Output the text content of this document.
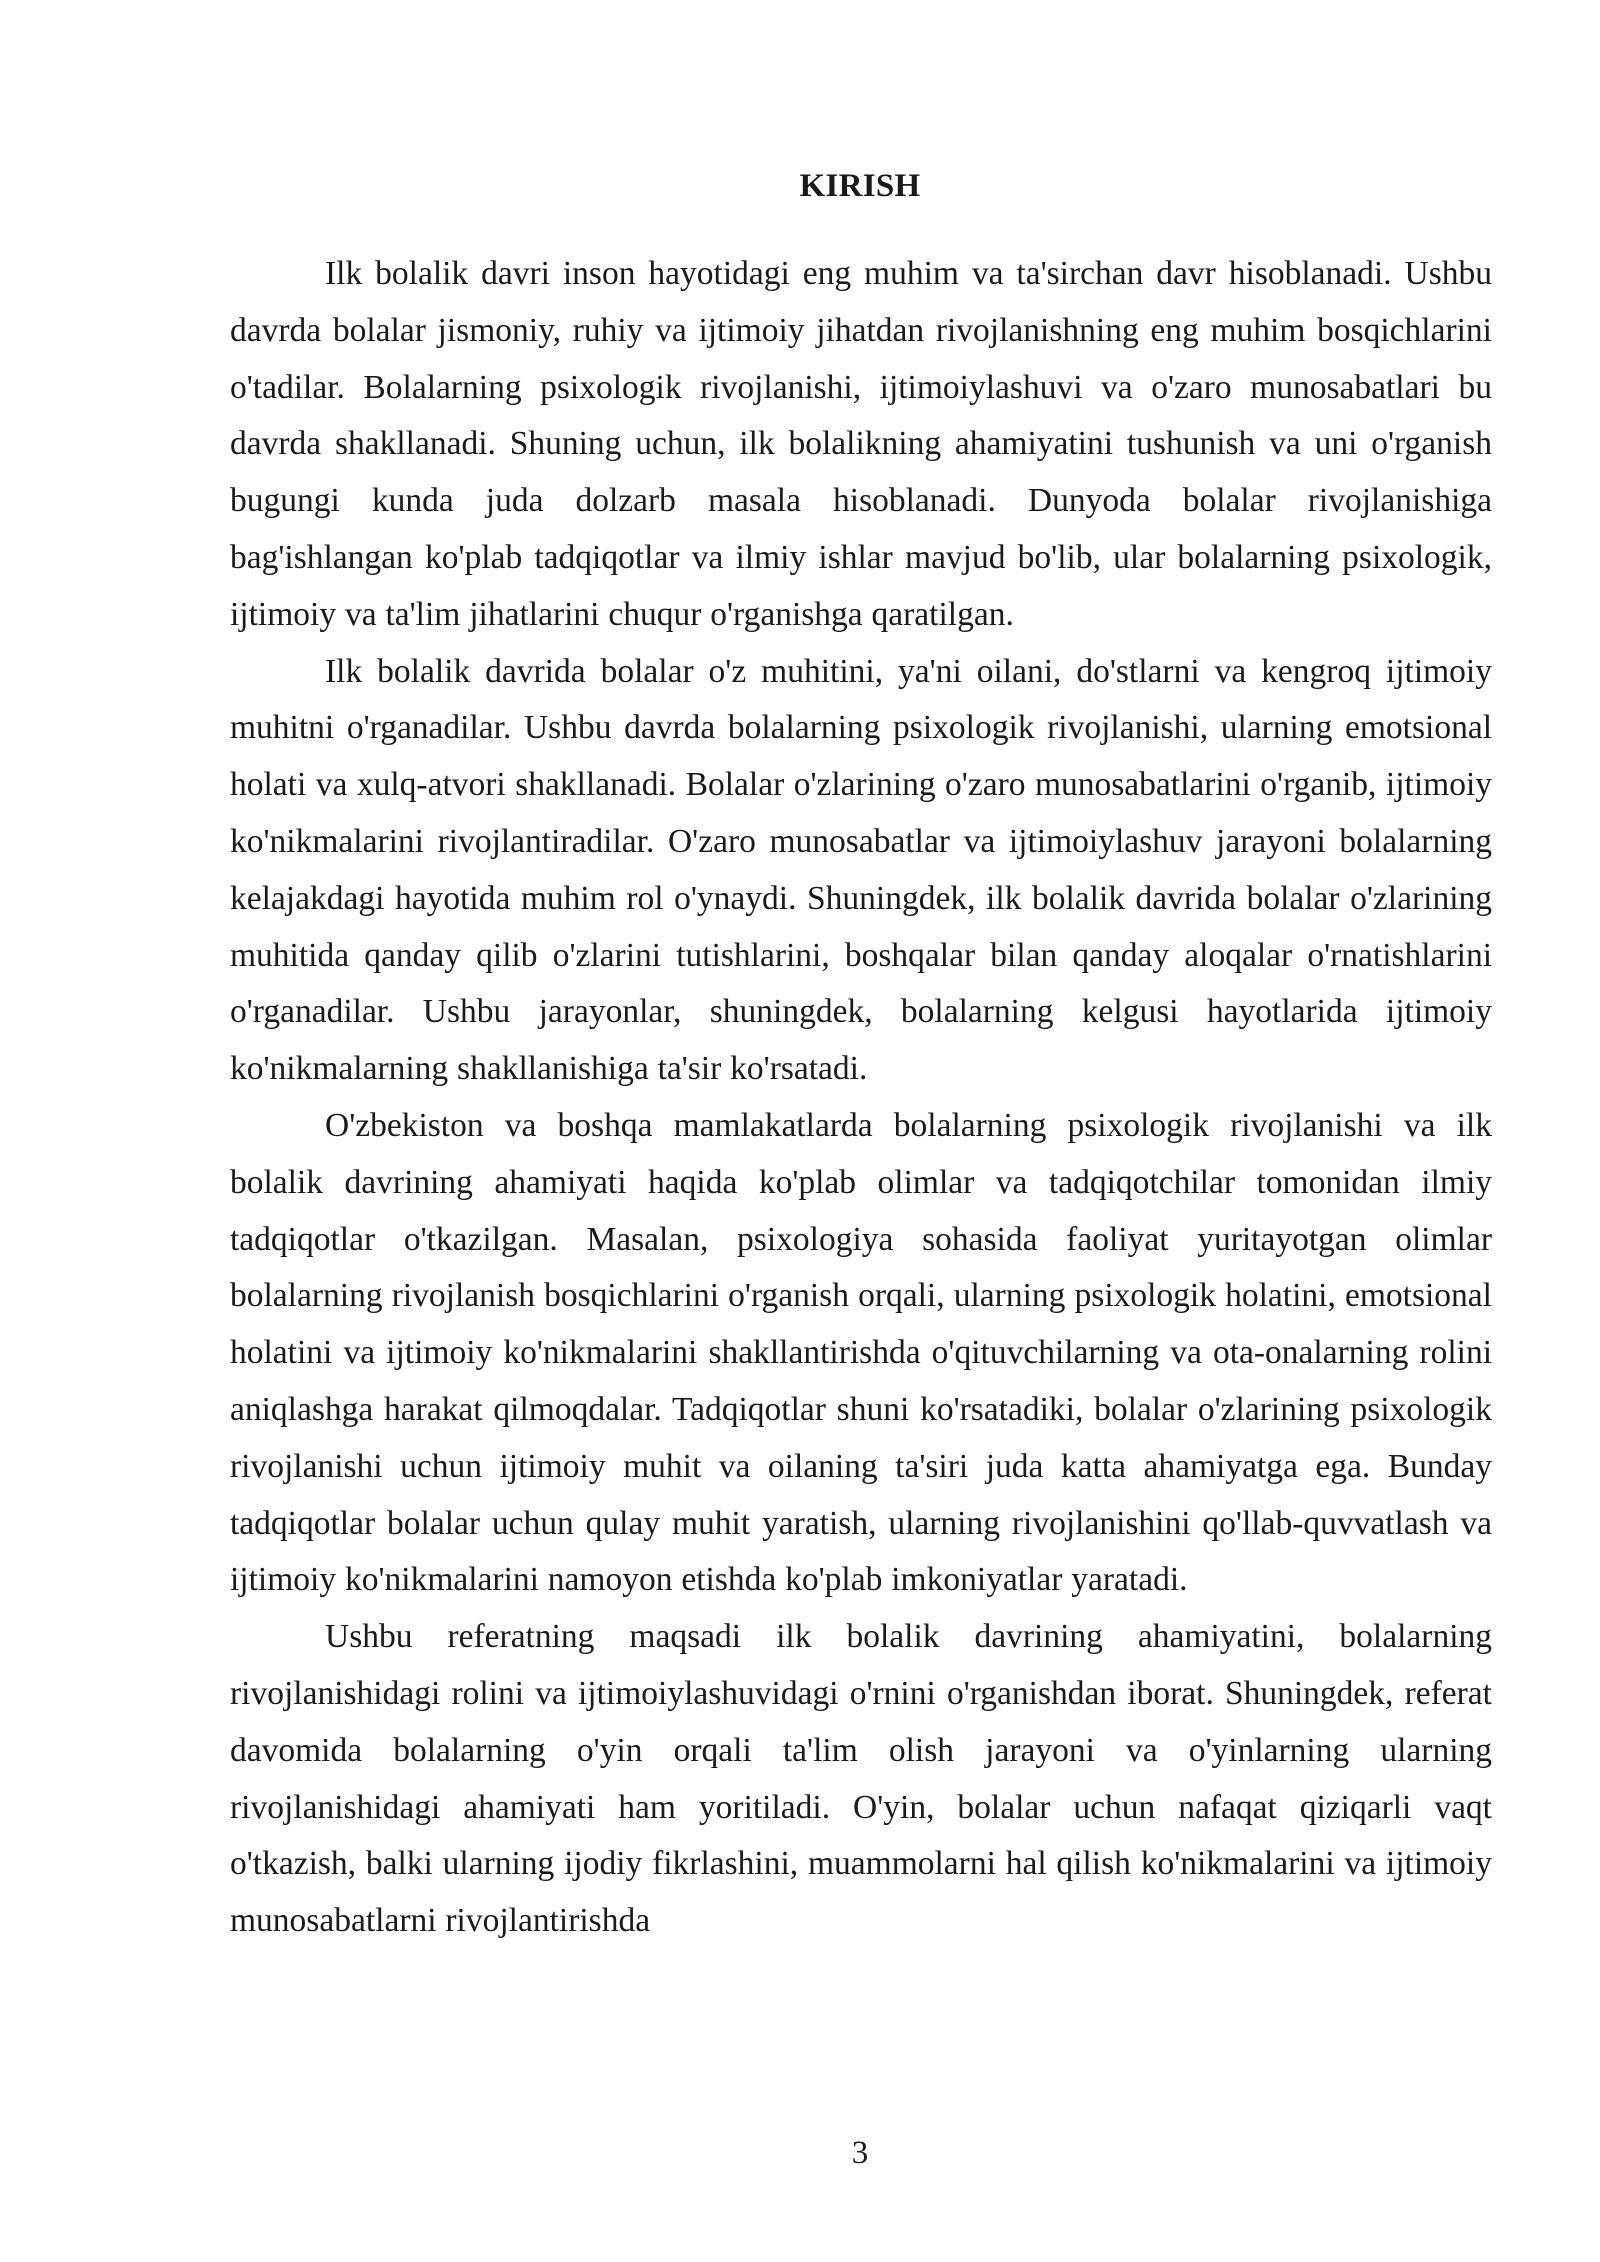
KIRISH

Ilk bolalik davri inson hayotidagi eng muhim va ta'sirchan davr hisoblanadi. Ushbu davrda bolalar jismoniy, ruhiy va ijtimoiy jihatdan rivojlanishning eng muhim bosqichlarini o'tadilar. Bolalarning psixologik rivojlanishi, ijtimoiylashuvi va o'zaro munosabatlari bu davrda shakllanadi. Shuning uchun, ilk bolalikning ahamiyatini tushunish va uni o'rganish bugungi kunda juda dolzarb masala hisoblanadi. Dunyoda bolalar rivojlanishiga bag'ishlangan ko'plab tadqiqotlar va ilmiy ishlar mavjud bo'lib, ular bolalarning psixologik, ijtimoiy va ta'lim jihatlarini chuqur o'rganishga qaratilgan.

Ilk bolalik davrida bolalar o'z muhitini, ya'ni oilani, do'stlarni va kengroq ijtimoiy muhitni o'rganadilar. Ushbu davrda bolalarning psixologik rivojlanishi, ularning emotsional holati va xulq-atvori shakllanadi. Bolalar o'zlarining o'zaro munosabatlarini o'rganib, ijtimoiy ko'nikmalarini rivojlantiradilar. O'zaro munosabatlar va ijtimoiylashuv jarayoni bolalarning kelajakdagi hayotida muhim rol o'ynaydi. Shuningdek, ilk bolalik davrida bolalar o'zlarining muhitida qanday qilib o'zlarini tutishlarini, boshqalar bilan qanday aloqalar o'rnatishlarini o'rganadilar. Ushbu jarayonlar, shuningdek, bolalarning kelgusi hayotlarida ijtimoiy ko'nikmalarning shakllanishiga ta'sir ko'rsatadi.

O'zbekiston va boshqa mamlakatlarda bolalarning psixologik rivojlanishi va ilk bolalik davrining ahamiyati haqida ko'plab olimlar va tadqiqotchilar tomonidan ilmiy tadqiqotlar o'tkazilgan. Masalan, psixologiya sohasida faoliyat yuritayotgan olimlar bolalarning rivojlanish bosqichlarini o'rganish orqali, ularning psixologik holatini, emotsional holatini va ijtimoiy ko'nikmalarini shakllantirishda o'qituvchilarning va ota-onalarning rolini aniqlashga harakat qilmoqdalar. Tadqiqotlar shuni ko'rsatadiki, bolalar o'zlarining psixologik rivojlanishi uchun ijtimoiy muhit va oilaning ta'siri juda katta ahamiyatga ega. Bunday tadqiqotlar bolalar uchun qulay muhit yaratish, ularning rivojlanishini qo'llab-quvvatlash va ijtimoiy ko'nikmalarini namoyon etishda ko'plab imkoniyatlar yaratadi.

Ushbu referatning maqsadi ilk bolalik davrining ahamiyatini, bolalarning rivojlanishidagi rolini va ijtimoiylashuvidagi o'rnini o'rganishdan iborat. Shuningdek, referat davomida bolalarning o'yin orqali ta'lim olish jarayoni va o'yinlarning ularning rivojlanishidagi ahamiyati ham yoritiladi. O'yin, bolalar uchun nafaqat qiziqarli vaqt o'tkazish, balki ularning ijodiy fikrlashini, muammolarni hal qilish ko'nikmalarini va ijtimoiy munosabatlarni rivojlantirishda

3
